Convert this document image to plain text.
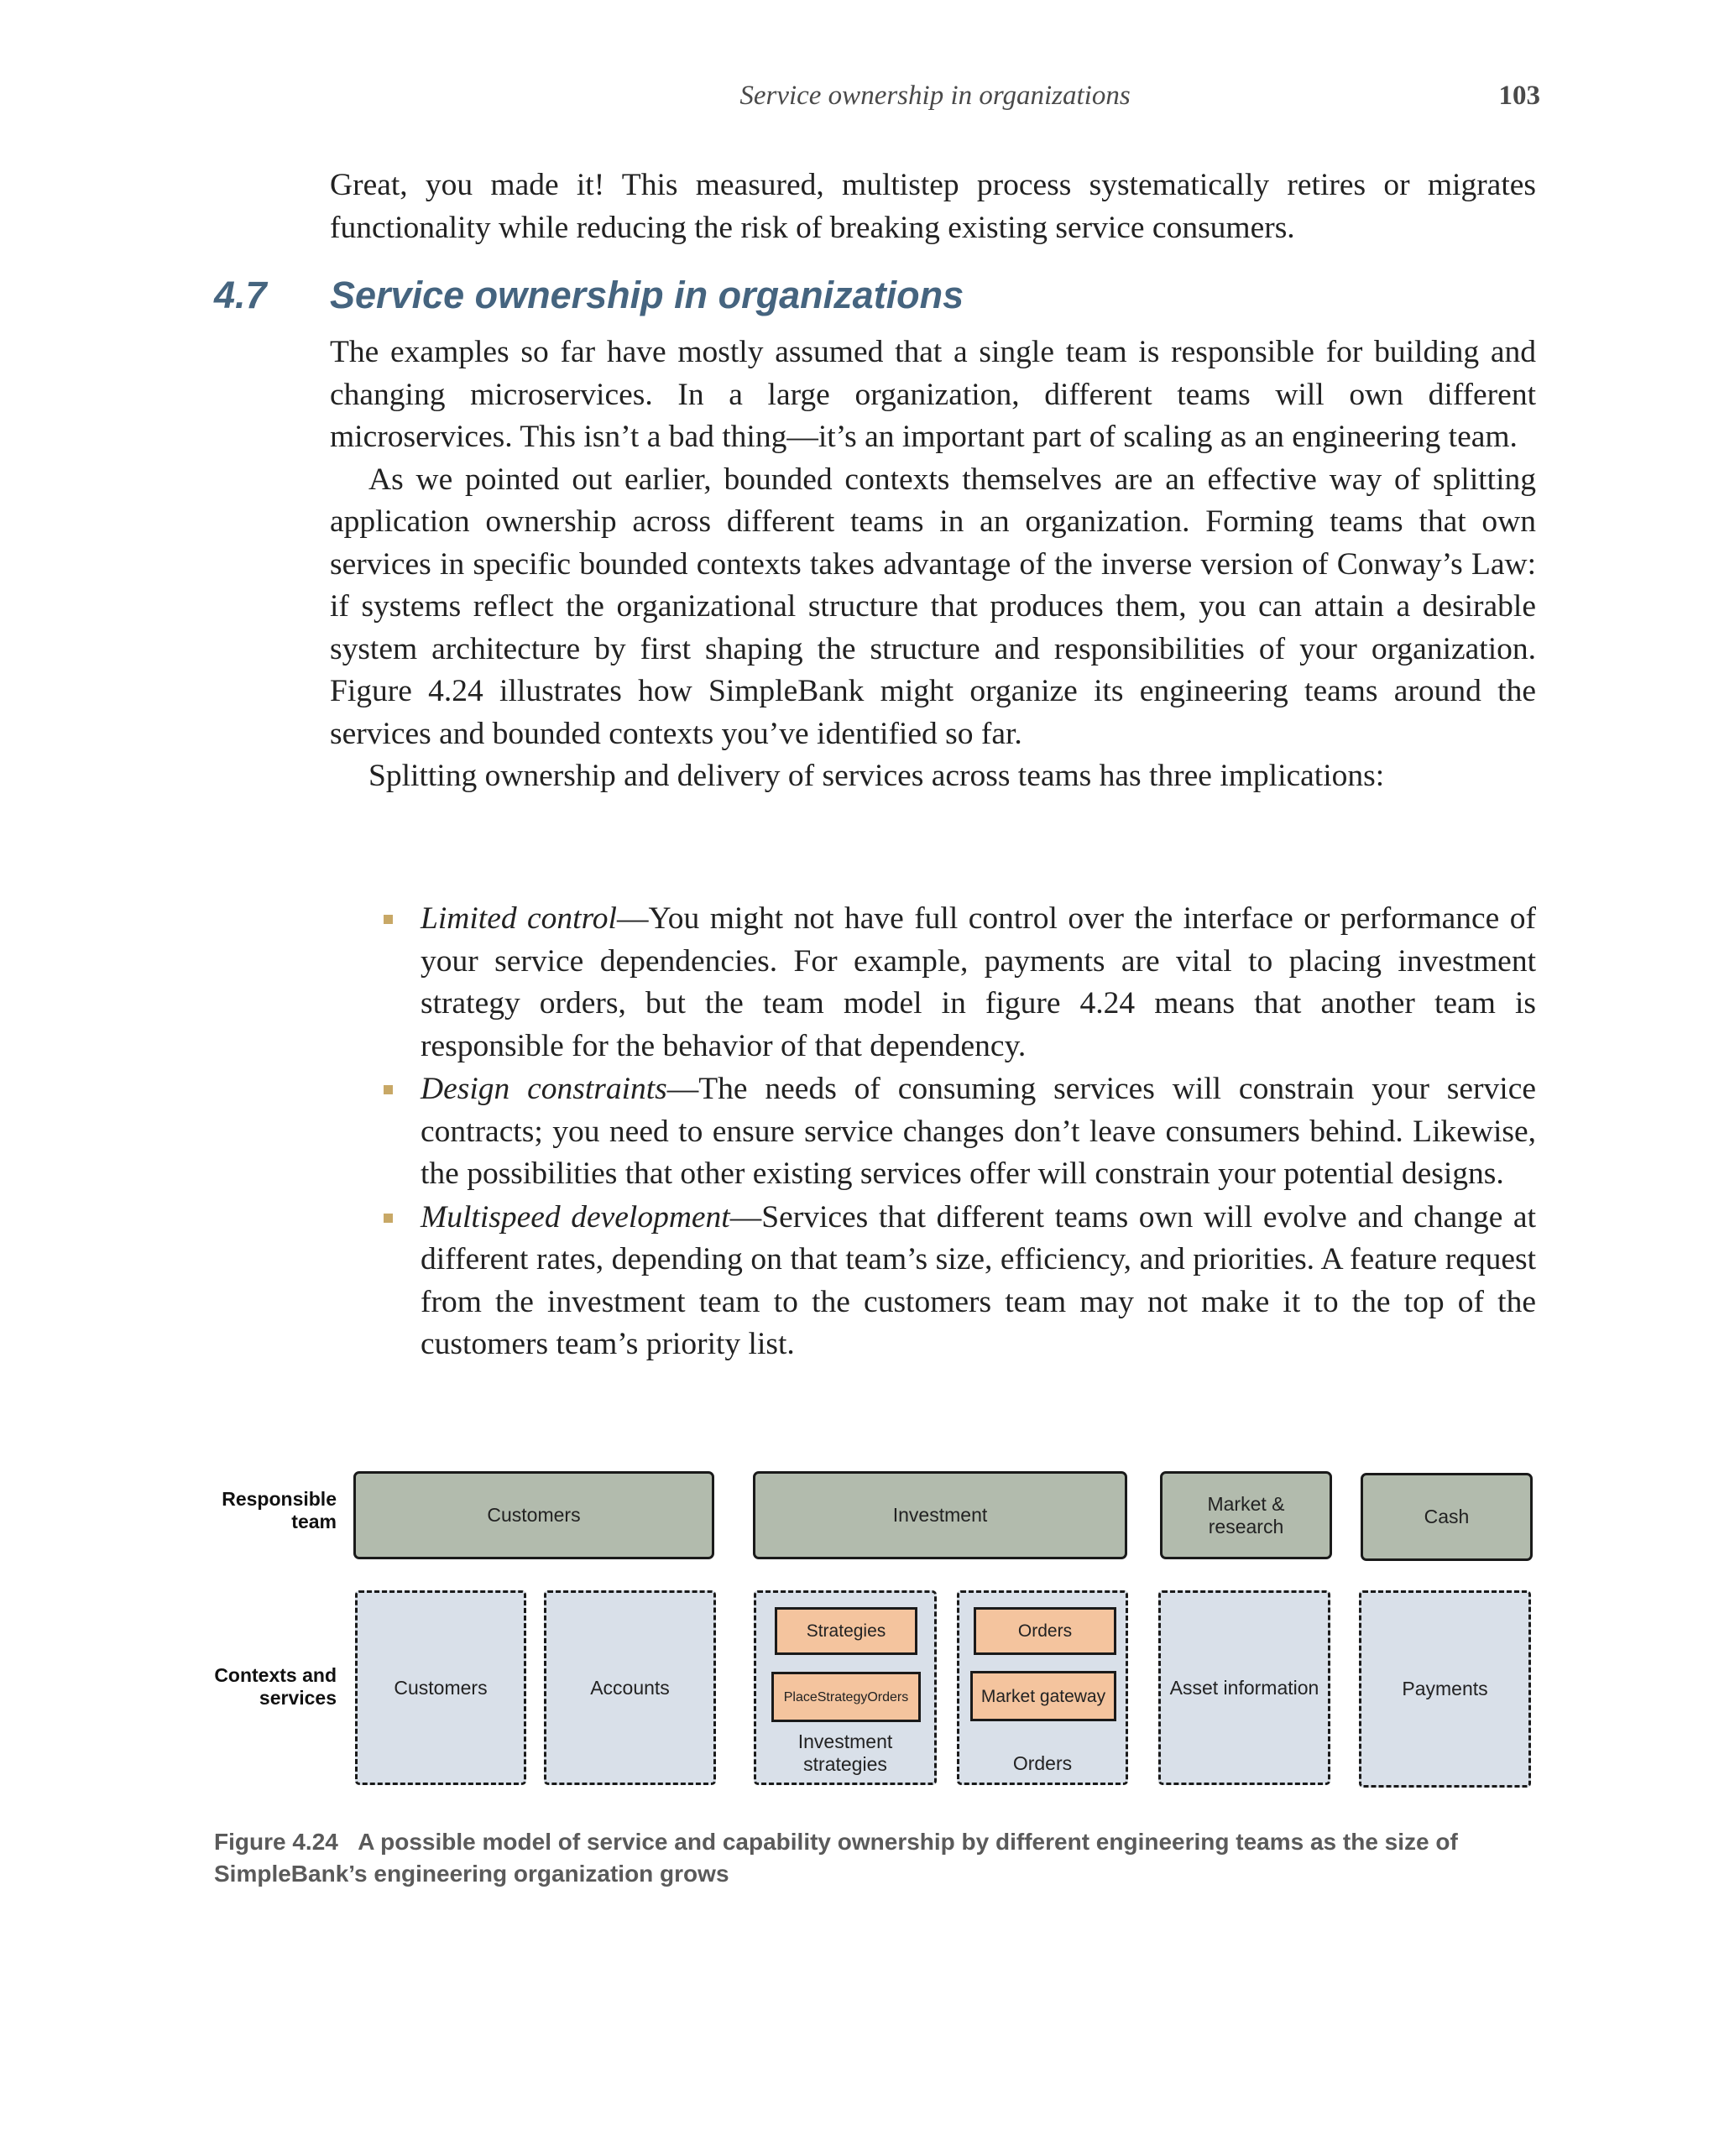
Service ownership in organizations	103

Great, you made it! This measured, multistep process systematically retires or migrates functionality while reducing the risk of breaking existing service consumers.

4.7 Service ownership in organizations

The examples so far have mostly assumed that a single team is responsible for building and changing microservices. In a large organization, different teams will own different microservices. This isn’t a bad thing—it’s an important part of scaling as an engineering team.

As we pointed out earlier, bounded contexts themselves are an effective way of splitting application ownership across different teams in an organization. Forming teams that own services in specific bounded contexts takes advantage of the inverse version of Conway’s Law: if systems reflect the organizational structure that produces them, you can attain a desirable system architecture by first shaping the structure and responsibilities of your organization. Figure 4.24 illustrates how SimpleBank might organize its engineering teams around the services and bounded contexts you’ve identified so far.

Splitting ownership and delivery of services across teams has three implications:

Limited control—You might not have full control over the interface or performance of your service dependencies. For example, payments are vital to placing investment strategy orders, but the team model in figure 4.24 means that another team is responsible for the behavior of that dependency.
Design constraints—The needs of consuming services will constrain your service contracts; you need to ensure service changes don’t leave consumers behind. Likewise, the possibilities that other existing services offer will constrain your potential designs.
Multispeed development—Services that different teams own will evolve and change at different rates, depending on that team’s size, efficiency, and priorities. A feature request from the investment team to the customers team may not make it to the top of the customers team’s priority list.
Responsible
team
Contexts and
services
Customers	Investment
Market &
research	Cash
Customers	Accounts
Strategies
PlaceStrategyOrders
Investment
strategies
Orders
Market gateway
Orders
Asset information	Payments
Figure 4.24 A possible model of service and capability ownership by different engineering teams as the size of SimpleBank’s engineering organization grows
